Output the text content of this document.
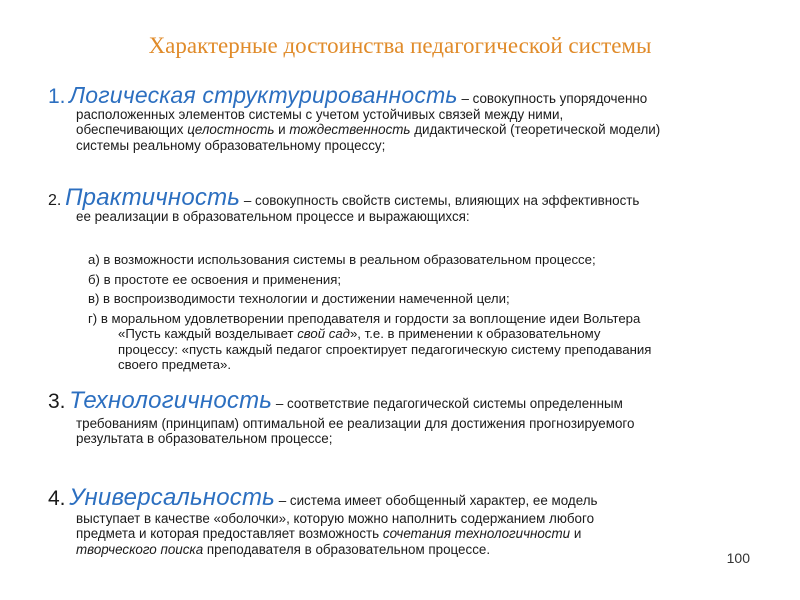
Характерные достоинства педагогической системы

1. Логическая структурированность – совокупность упорядоченно

расположенных элементов системы с учетом устойчивых связей между ними,

обеспечивающих целостность и тождественность дидактической (теоретической модели)

системы реальному образовательному процессу;

2. Практичность – совокупность свойств системы, влияющих на эффективность

ее реализации в образовательном процессе и выражающихся:

а) в возможности использования системы в реальном образовательном процессе;

б) в простоте ее освоения и применения;

в) в воспроизводимости технологии и достижении намеченной цели;

г) в моральном удовлетворении преподавателя и гордости за воплощение идеи Вольтера

«Пусть каждый возделывает свой сад», т.е. в применении к образовательному

процессу: «пусть каждый педагог спроектирует педагогическую систему преподавания

своего предмета».

3. Технологичность – соответствие педагогической системы определенным

требованиям (принципам) оптимальной ее реализации для достижения прогнозируемого

результата в образовательном процессе;

4. Универсальность – система имеет обобщенный характер, ее модель

выступает в качестве «оболочки», которую можно наполнить содержанием любого

предмета и которая предоставляет возможность сочетания технологичности и

творческого поиска преподавателя в образовательном процессе.

100
